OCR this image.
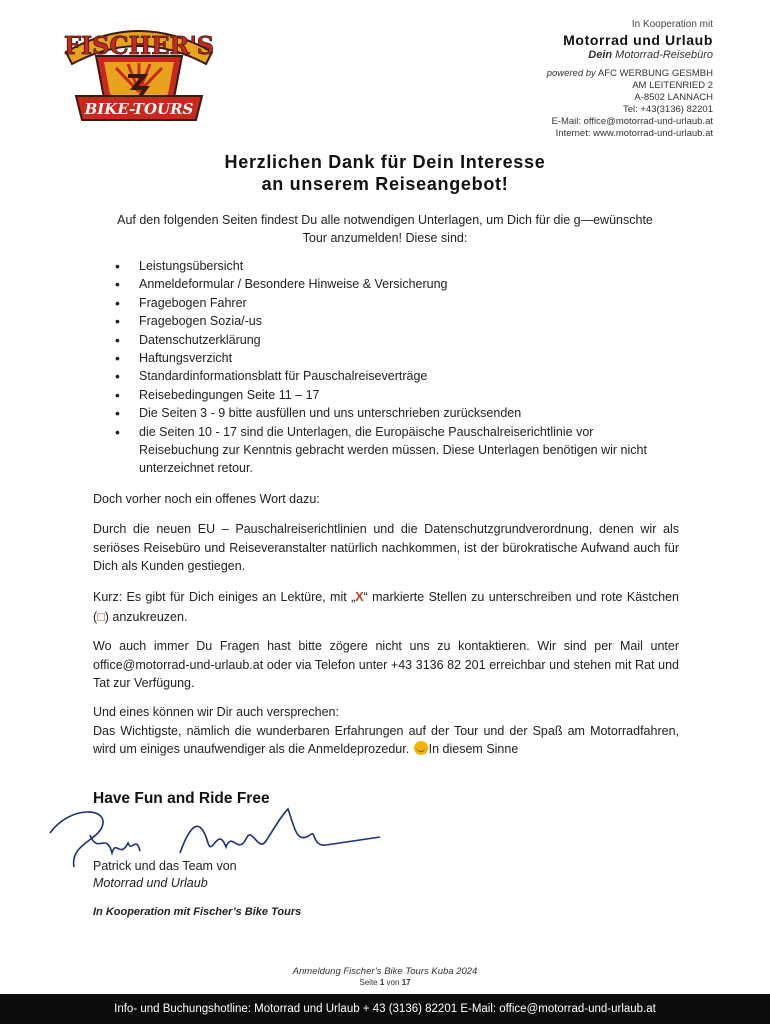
FISCHER'S
BIKE-TOURS
In Kooperation mit
Motorrad und Urlaub
Dein Motorrad-Reisebüro
powered by AFC WERBUNG GESMBH
AM LEITENRIED 2
A-8502 LANNACH
Tel: +43(3136) 82201
E-Mail: office@motorrad-und-urlaub.at
Internet: www.motorrad-und-urlaub.at
Herzlichen Dank für Dein Interesse
an unserem Reiseangebot!
Auf den folgenden Seiten findest Du alle notwendigen Unterlagen, um Dich für die g―ewünschte Tour anzumelden! Diese sind:
• Leistungsübersicht
• Anmeldeformular / Besondere Hinweise & Versicherung
• Fragebogen Fahrer
• Fragebogen Sozia/-us
• Datenschutzerklärung
• Haftungsverzicht
• Standardinformationsblatt für Pauschalreiseverträge
• Reisebedingungen Seite 11 – 17
• Die Seiten 3 - 9 bitte ausfüllen und uns unterschrieben zurücksenden
• die Seiten 10 - 17 sind die Unterlagen, die Europäische Pauschalreiserichtlinie vor Reisebuchung zur Kenntnis gebracht werden müssen. Diese Unterlagen benötigen wir nicht unterzeichnet retour.
Doch vorher noch ein offenes Wort dazu:
Durch die neuen EU – Pauschalreiserichtlinien und die Datenschutzgrundverordnung, denen wir als seriöses Reisebüro und Reiseveranstalter natürlich nachkommen, ist der bürokratische Aufwand auch für Dich als Kunden gestiegen.
Kurz: Es gibt für Dich einiges an Lektüre, mit „X“ markierte Stellen zu unterschreiben und rote Kästchen (□) anzukreuzen.
Wo auch immer Du Fragen hast bitte zögere nicht uns zu kontaktieren. Wir sind per Mail unter office@motorrad-und-urlaub.at oder via Telefon unter +43 3136 82 201 erreichbar und stehen mit Rat und Tat zur Verfügung.
Und eines können wir Dir auch versprechen:
Das Wichtigste, nämlich die wunderbaren Erfahrungen auf der Tour und der Spaß am Motorradfahren, wird um einiges unaufwendiger als die Anmeldeprozedur. In diesem Sinne
Have Fun and Ride Free
Patrick und das Team von
Motorrad und Urlaub
In Kooperation mit Fischer’s Bike Tours
Anmeldung Fischer’s Bike Tours Kuba 2024
Seite 1 von 17
Info- und Buchungshotline: Motorrad und Urlaub + 43 (3136) 82201 E-Mail: office@motorrad-und-urlaub.at
